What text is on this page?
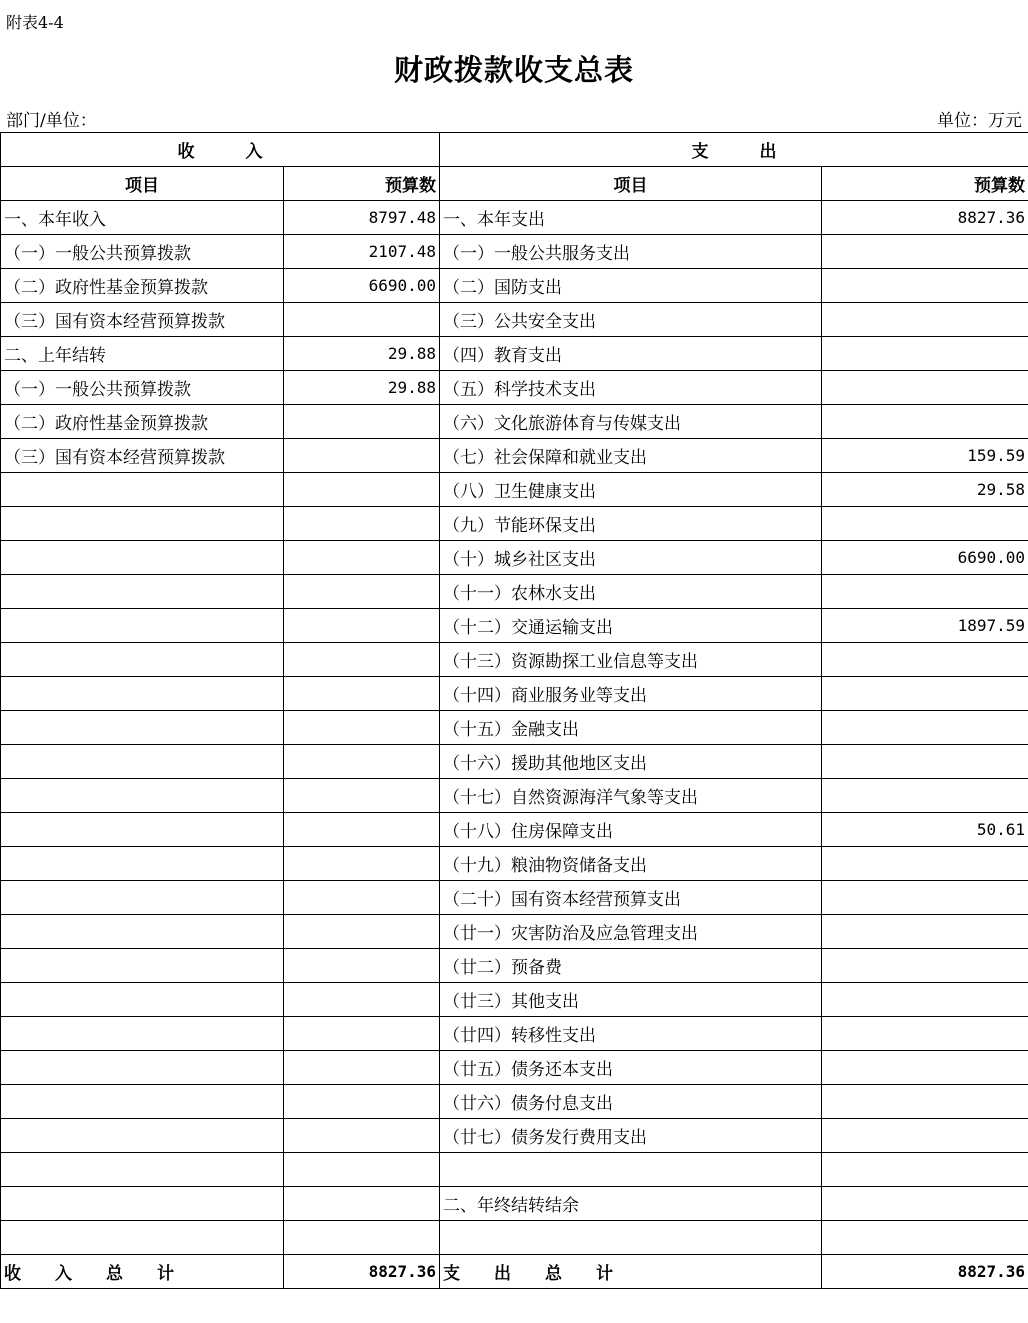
附表4-4
财政拨款收支总表
部门/单位：	单位：万元
收　　　入		支　　　出	
项目	预算数	项目	预算数
一、本年收入	8797.48	一、本年支出	8827.36
（一）一般公共预算拨款	2107.48	（一）一般公共服务支出	
（二）政府性基金预算拨款	6690.00	（二）国防支出	
（三）国有资本经营预算拨款		（三）公共安全支出	
二、上年结转	29.88	（四）教育支出	
（一）一般公共预算拨款	29.88	（五）科学技术支出	
（二）政府性基金预算拨款		（六）文化旅游体育与传媒支出	
（三）国有资本经营预算拨款		（七）社会保障和就业支出	159.59
		（八）卫生健康支出	29.58
		（九）节能环保支出	
		（十）城乡社区支出	6690.00
		（十一）农林水支出	
		（十二）交通运输支出	1897.59
		（十三）资源勘探工业信息等支出	
		（十四）商业服务业等支出	
		（十五）金融支出	
		（十六）援助其他地区支出	
		（十七）自然资源海洋气象等支出	
		（十八）住房保障支出	50.61
		（十九）粮油物资储备支出	
		（二十）国有资本经营预算支出	
		（廿一）灾害防治及应急管理支出	
		（廿二）预备费	
		（廿三）其他支出	
		（廿四）转移性支出	
		（廿五）债务还本支出	
		（廿六）债务付息支出	
		（廿七）债务发行费用支出	

		二、年终结转结余	

收　　入　　总　　计	8827.36	支　　出　　总　　计	8827.36
